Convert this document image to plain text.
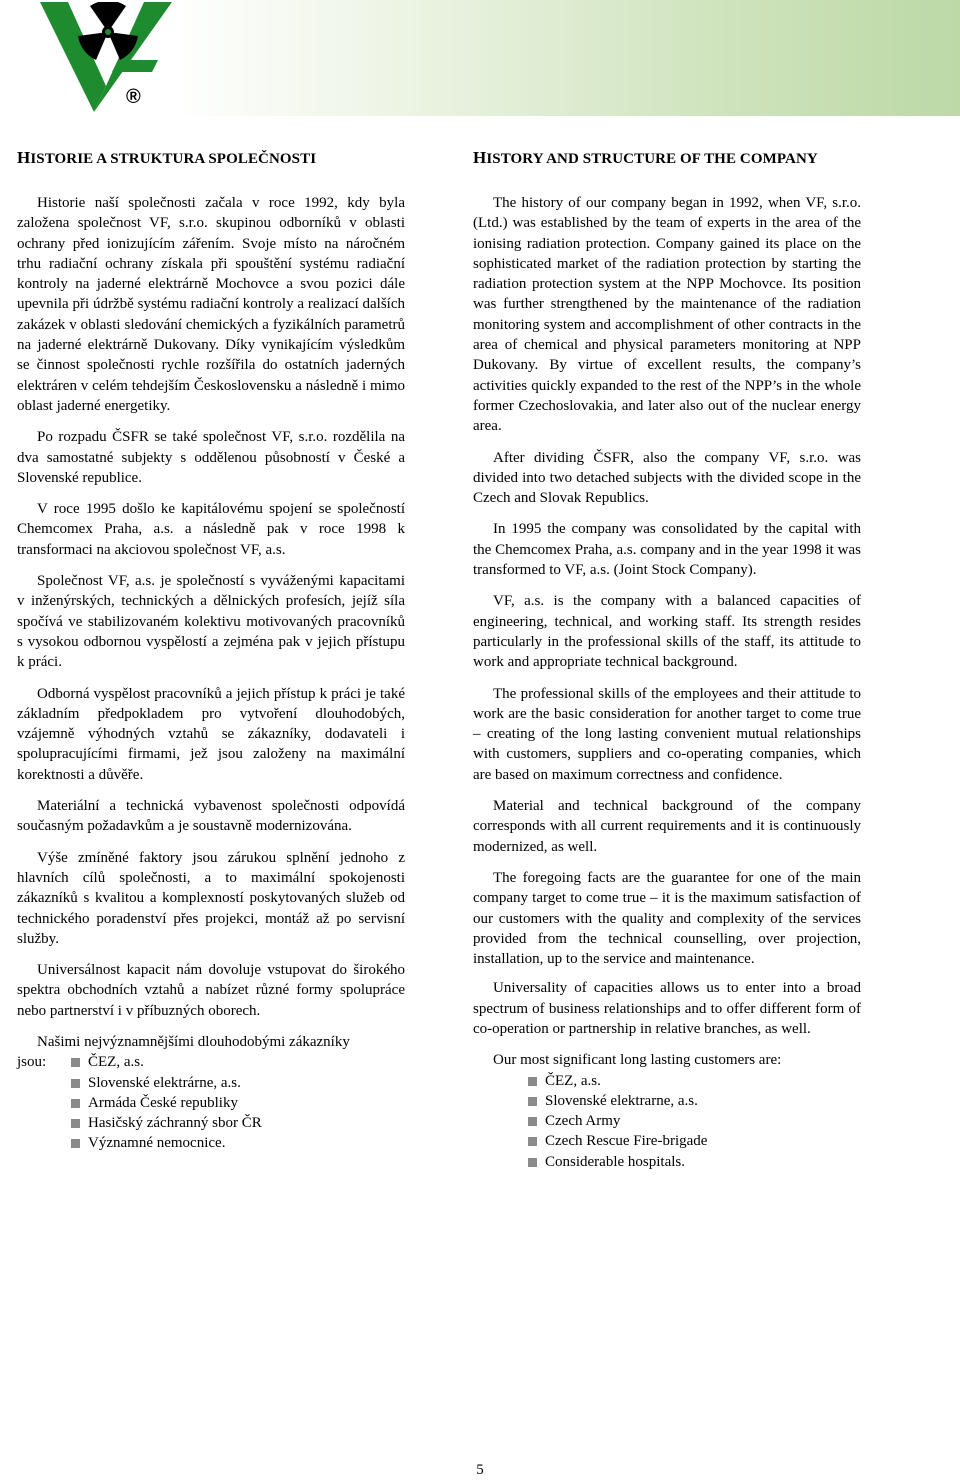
®
HISTORIE A STRUKTURA SPOLEČNOSTI

Historie naší společnosti začala v roce 1992, kdy byla založena společnost VF, s.r.o. skupinou odborníků v oblasti ochrany před ionizujícím zářením. Svoje místo na náročném trhu radiační ochrany získala při spouštění systému radiační kontroly na jaderné elektrárně Mochovce a svou pozici dále upevnila při údržbě systému radiační kontroly a realizací dalších zakázek v oblasti sledování chemických a fyzikálních parametrů na jaderné elektrárně Dukovany. Díky vynikajícím výsledkům se činnost společnosti rychle rozšířila do ostatních jaderných elektráren v celém tehdejším Československu a následně i mimo oblast jaderné energetiky.

Po rozpadu ČSFR se také společnost VF, s.r.o. rozdělila na dva samostatné subjekty s oddělenou působností v České a Slovenské republice.

V roce 1995 došlo ke kapitálovému spojení se společností Chemcomex Praha, a.s. a následně pak v roce 1998 k transformaci na akciovou společnost VF, a.s.

Společnost VF, a.s. je společností s vyváženými kapacitami v inženýrských, technických a dělnických profesích, jejíž síla spočívá ve stabilizovaném kolektivu motivovaných pracovníků s vysokou odbornou vyspělostí a zejména pak v jejich přístupu k práci.

Odborná vyspělost pracovníků a jejich přístup k práci je také základním předpokladem pro vytvoření dlouhodobých, vzájemně výhodných vztahů se zákazníky, dodavateli i spolupracujícími firmami, jež jsou založeny na maximální korektnosti a důvěře.

Materiální a technická vybavenost společnosti odpovídá současným požadavkům a je soustavně modernizována.

Výše zmíněné faktory jsou zárukou splnění jednoho z hlavních cílů společnosti, a to maximální spokojenosti zákazníků s kvalitou a komplexností poskytovaných služeb od technického poradenství přes projekci, montáž až po servisní služby.

Universálnost kapacit nám dovoluje vstupovat do širokého spektra obchodních vztahů a nabízet různé formy spolupráce nebo partnerství i v příbuzných oborech.

Našimi nejvýznamnějšími dlouhodobými zákazníky

jsou:	ČEZ, a.s.
Slovenské elektrárne, a.s.
Armáda České republiky
Hasičský záchranný sbor ČR
Významné nemocnice.
HISTORY AND STRUCTURE OF THE COMPANY

The history of our company began in 1992, when VF, s.r.o. (Ltd.) was established by the team of experts in the area of the ionising radiation protection. Company gained its place on the sophisticated market of the radiation protection by starting the radiation protection system at the NPP Mochovce. Its position was further strengthened by the maintenance of the radiation monitoring system and accomplishment of other contracts in the area of chemical and physical parameters monitoring at NPP Dukovany. By virtue of excellent results, the company’s activities quickly expanded to the rest of the NPP’s in the whole former Czechoslovakia, and later also out of the nuclear energy area.

After dividing ČSFR, also the company VF, s.r.o. was divided into two detached subjects with the divided scope in the Czech and Slovak Republics.

In 1995 the company was consolidated by the capital with the Chemcomex Praha, a.s. company and in the year 1998 it was transformed to VF, a.s. (Joint Stock Company).

VF, a.s. is the company with a balanced capacities of engineering, technical, and working staff. Its strength resides particularly in the professional skills of the staff, its attitude to work and appropriate technical background.

The professional skills of the employees and their attitude to work are the basic consideration for another target to come true – creating of the long lasting convenient mutual relationships with customers, suppliers and co-operating companies, which are based on maximum correctness and confidence.

Material and technical background of the company corresponds with all current requirements and it is continuously modernized, as well.

The foregoing facts are the guarantee for one of the main company target to come true – it is the maximum satisfaction of our customers with the quality and complexity of the services provided from the technical counselling, over projection, installation, up to the service and maintenance.

Universality of capacities allows us to enter into a broad spectrum of business relationships and to offer different form of co-operation or partnership in relative branches, as well.

Our most significant long lasting customers are:

ČEZ, a.s.
Slovenské elektrarne, a.s.
Czech Army
Czech Rescue Fire-brigade
Considerable hospitals.
5
